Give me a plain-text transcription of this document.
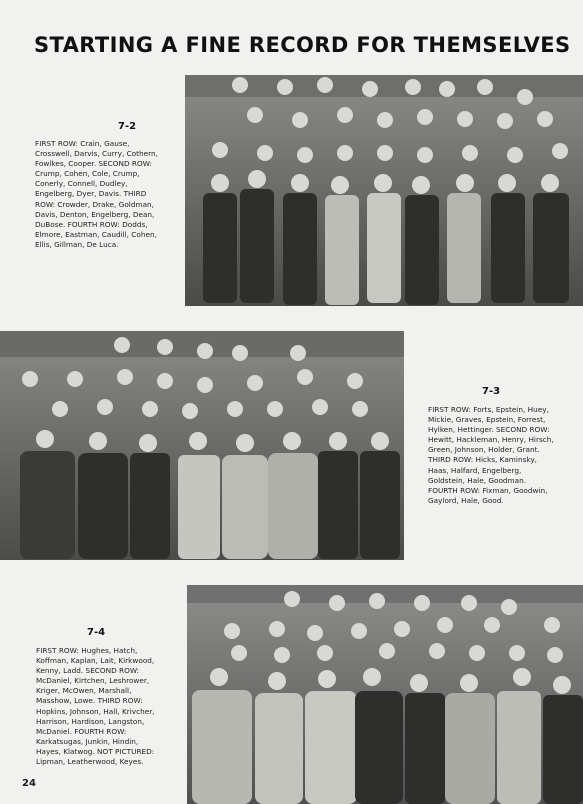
STARTING A FINE RECORD FOR THEMSELVES
7-2
FIRST ROW: Crain, Gause, Crosswell, Darvis, Curry, Cothern, Fowlkes, Cooper. SECOND ROW: Crump, Cohen, Cole, Crump, Conerly, Connell, Dudley, Engelberg, Dyer, Davis. THIRD ROW: Crowder, Drake, Goldman, Davis, Denton, Engelberg, Dean, DuBose. FOURTH ROW: Dodds, Elmore, Eastman, Caudill, Cohen, Ellis, Gillman, De Luca.
7-3
FIRST ROW: Forts, Epstein, Huey, Mickie, Graves, Epstein, Forrest, Hylken, Hettinger. SECOND ROW: Hewitt, Hackleman, Henry, Hirsch, Green, Johnson, Holder, Grant. THIRD ROW: Hicks, Kaminsky, Haas, Halfard, Engelberg, Goldstein, Hale, Goodman. FOURTH ROW: Fixman, Goodwin, Gaylord, Hale, Good.
7-4
FIRST ROW: Hughes, Hatch, Koffman, Kaplan, Lait, Kirkwood, Kenny, Ladd. SECOND ROW: McDaniel, Kirtchen, Leshrower, Kriger, McOwen, Marshall, Masshow, Lowe. THIRD ROW: Hopkins, Johnson, Hall, Krivcher, Harrison, Hardison, Langston, McDaniel. FOURTH ROW: Karkatsugas, Junkin, Hindin, Hayes, Klatwog. NOT PICTURED: Lipman, Leatherwood, Keyes.
24
